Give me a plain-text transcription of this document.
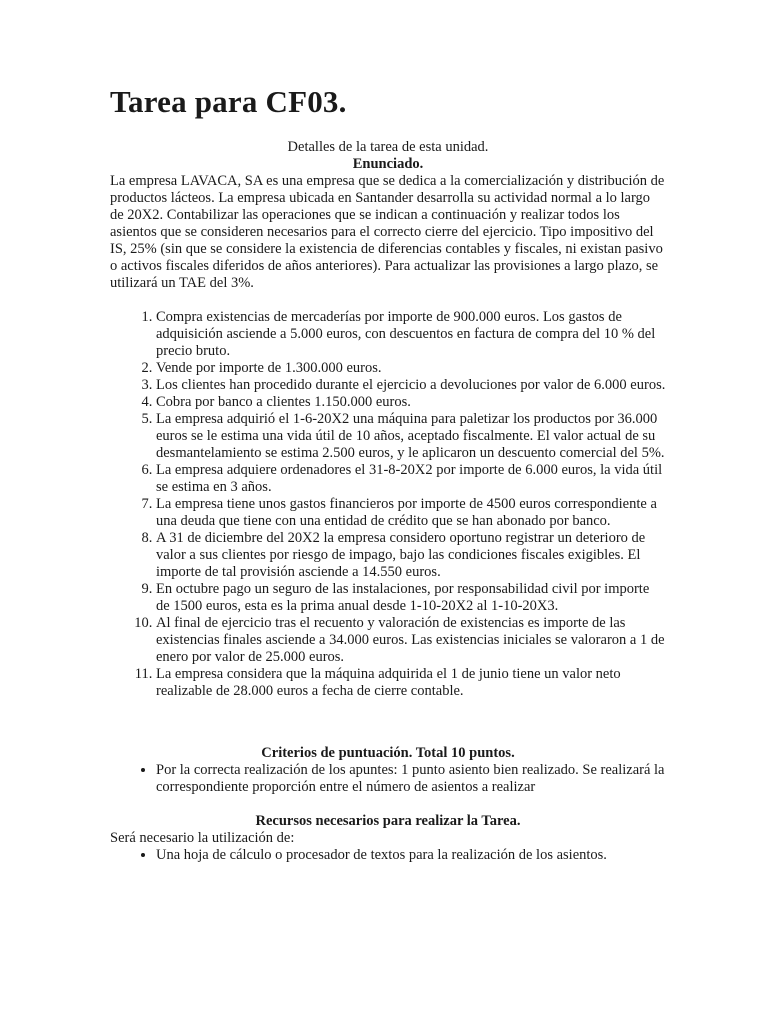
Tarea para CF03.

Detalles de la tarea de esta unidad.

Enunciado.

La empresa LAVACA, SA es una empresa que se dedica a la comercialización y distribución de productos lácteos. La empresa ubicada en Santander desarrolla su actividad normal a lo largo de 20X2. Contabilizar las operaciones que se indican a continuación y realizar todos los asientos que se consideren necesarios para el correcto cierre del ejercicio. Tipo impositivo del IS, 25% (sin que se considere la existencia de diferencias contables y fiscales, ni existan pasivo o activos fiscales diferidos de años anteriores). Para actualizar las provisiones a largo plazo, se utilizará un TAE del 3%.

1. Compra existencias de mercaderías por importe de 900.000 euros. Los gastos de adquisición asciende a 5.000 euros, con descuentos en factura de compra del 10 % del precio bruto.
2. Vende por importe de 1.300.000 euros.
3. Los clientes han procedido durante el ejercicio a devoluciones por valor de 6.000 euros.
4. Cobra por banco a clientes 1.150.000 euros.
5. La empresa adquirió el 1-6-20X2 una máquina para paletizar los productos por 36.000 euros se le estima una vida útil de 10 años, aceptado fiscalmente. El valor actual de su desmantelamiento se estima 2.500 euros, y le aplicaron un descuento comercial del 5%.
6. La empresa adquiere ordenadores el 31-8-20X2 por importe de 6.000 euros, la vida útil se estima en 3 años.
7. La empresa tiene unos gastos financieros por importe de 4500 euros correspondiente a una deuda que tiene con una entidad de crédito que se han abonado por banco.
8. A 31 de diciembre del 20X2 la empresa considero oportuno registrar un deterioro de valor a sus clientes por riesgo de impago, bajo las condiciones fiscales exigibles. El importe de tal provisión asciende a 14.550 euros.
9. En octubre pago un seguro de las instalaciones, por responsabilidad civil por importe de 1500 euros, esta es la prima anual desde 1-10-20X2 al 1-10-20X3.
10. Al final de ejercicio tras el recuento y valoración de existencias es importe de las existencias finales asciende a 34.000 euros. Las existencias iniciales se valoraron a 1 de enero por valor de 25.000 euros.
11. La empresa considera que la máquina adquirida el 1 de junio tiene un valor neto realizable de 28.000 euros a fecha de cierre contable.

Criterios de puntuación. Total 10 puntos.

• Por la correcta realización de los apuntes: 1 punto asiento bien realizado. Se realizará la correspondiente proporción entre el número de asientos a realizar

Recursos necesarios para realizar la Tarea.

Será necesario la utilización de:

• Una hoja de cálculo o procesador de textos para la realización de los asientos.
